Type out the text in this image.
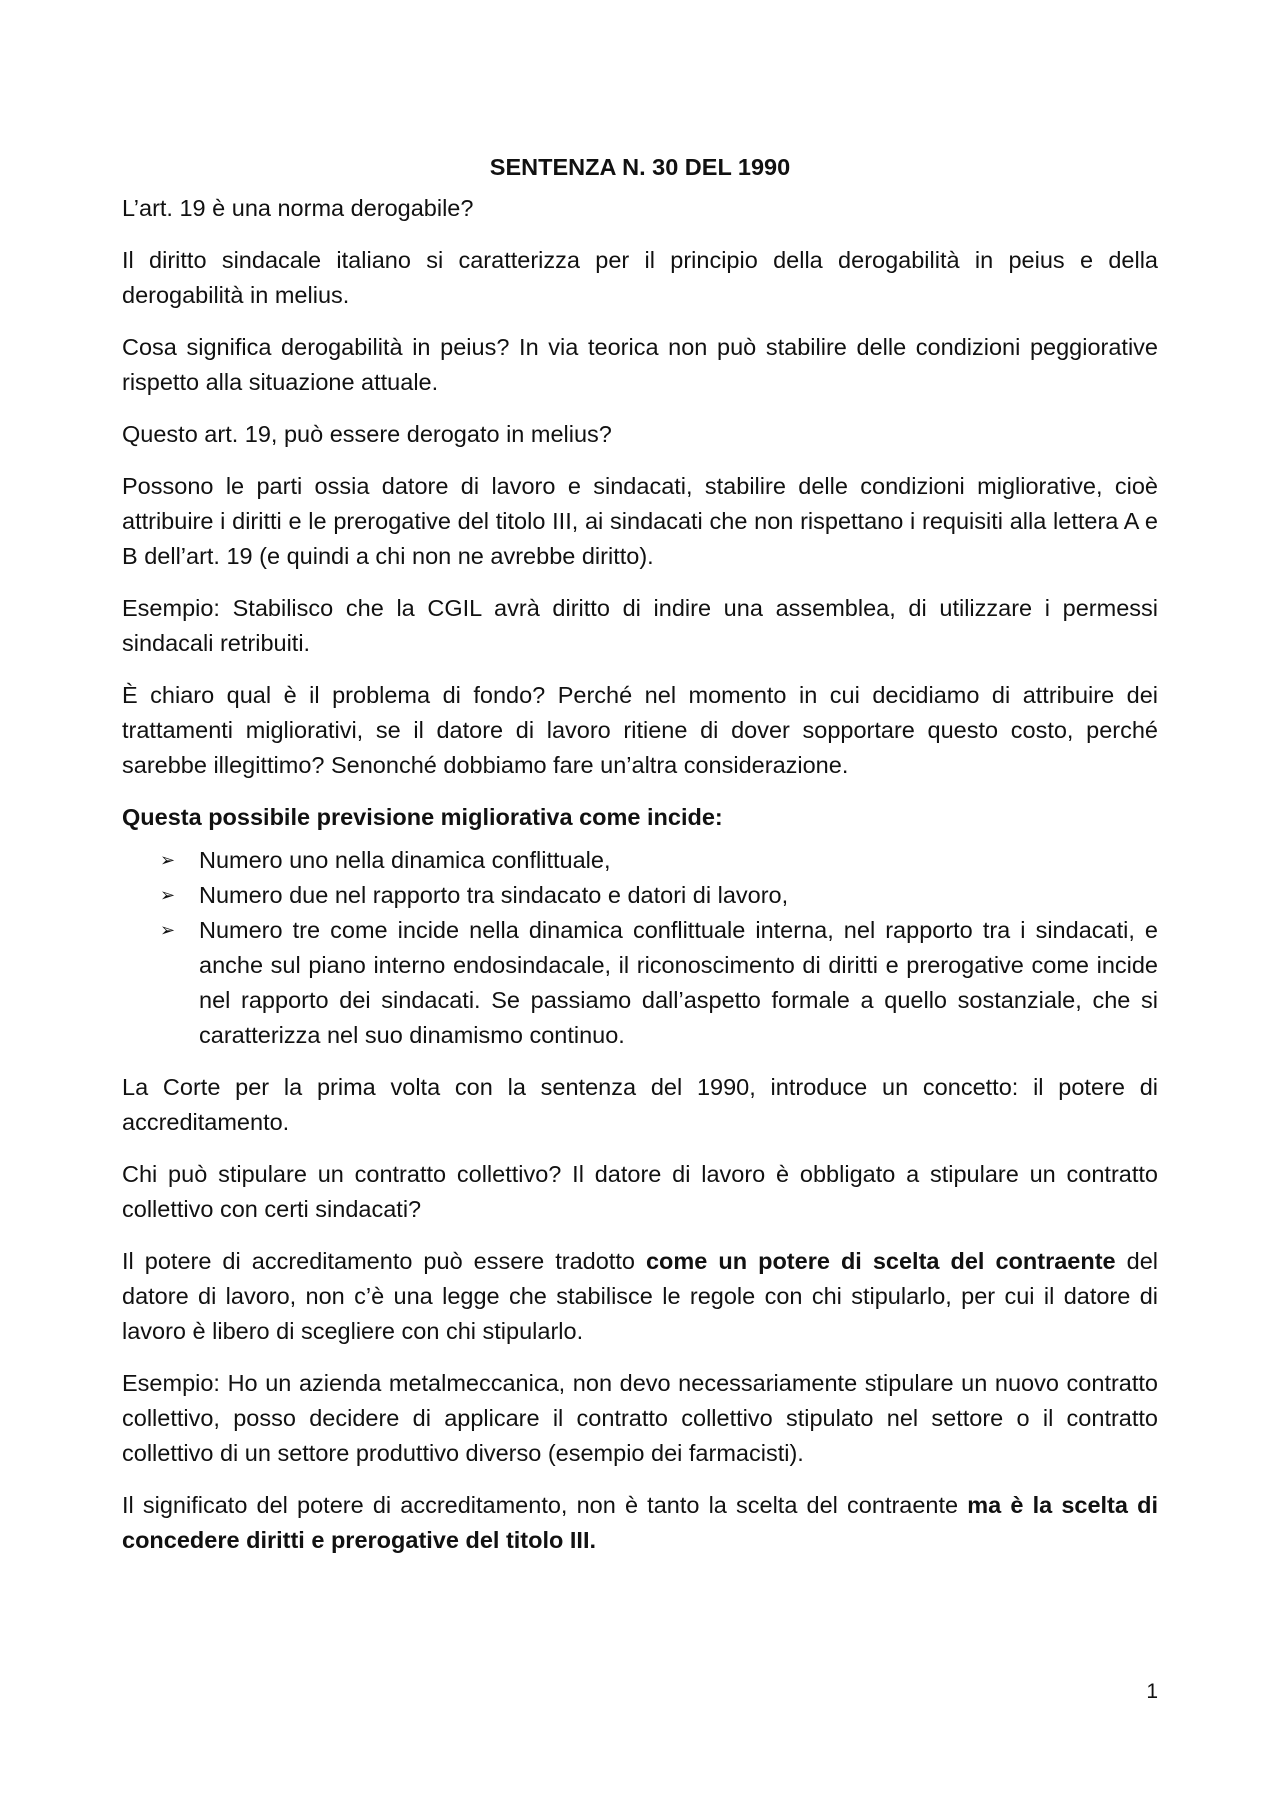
SENTENZA N. 30 DEL 1990

L’art. 19 è una norma derogabile?

Il diritto sindacale italiano si caratterizza per il principio della derogabilità in peius e della derogabilità in melius.

Cosa significa derogabilità in peius? In via teorica non può stabilire delle condizioni peggiorative rispetto alla situazione attuale.

Questo art. 19, può essere derogato in melius?

Possono le parti ossia datore di lavoro e sindacati, stabilire delle condizioni migliorative, cioè attribuire i diritti e le prerogative del titolo III, ai sindacati che non rispettano i requisiti alla lettera A e B dell’art. 19 (e quindi a chi non ne avrebbe diritto).

Esempio: Stabilisco che la CGIL avrà diritto di indire una assemblea, di utilizzare i permessi sindacali retribuiti.

È chiaro qual è il problema di fondo? Perché nel momento in cui decidiamo di attribuire dei trattamenti migliorativi, se il datore di lavoro ritiene di dover sopportare questo costo, perché sarebbe illegittimo? Senonché dobbiamo fare un’altra considerazione.

Questa possibile previsione migliorativa come incide:

➢ Numero uno nella dinamica conflittuale,
➢ Numero due nel rapporto tra sindacato e datori di lavoro,
➢ Numero tre come incide nella dinamica conflittuale interna, nel rapporto tra i sindacati, e anche sul piano interno endosindacale, il riconoscimento di diritti e prerogative come incide nel rapporto dei sindacati. Se passiamo dall’aspetto formale a quello sostanziale, che si caratterizza nel suo dinamismo continuo.

La Corte per la prima volta con la sentenza del 1990, introduce un concetto: il potere di accreditamento.

Chi può stipulare un contratto collettivo? Il datore di lavoro è obbligato a stipulare un contratto collettivo con certi sindacati?

Il potere di accreditamento può essere tradotto come un potere di scelta del contraente del datore di lavoro, non c’è una legge che stabilisce le regole con chi stipularlo, per cui il datore di lavoro è libero di scegliere con chi stipularlo.

Esempio: Ho un azienda metalmeccanica, non devo necessariamente stipulare un nuovo contratto collettivo, posso decidere di applicare il contratto collettivo stipulato nel settore o il contratto collettivo di un settore produttivo diverso (esempio dei farmacisti).

Il significato del potere di accreditamento, non è tanto la scelta del contraente ma è la scelta di concedere diritti e prerogative del titolo III.

1
